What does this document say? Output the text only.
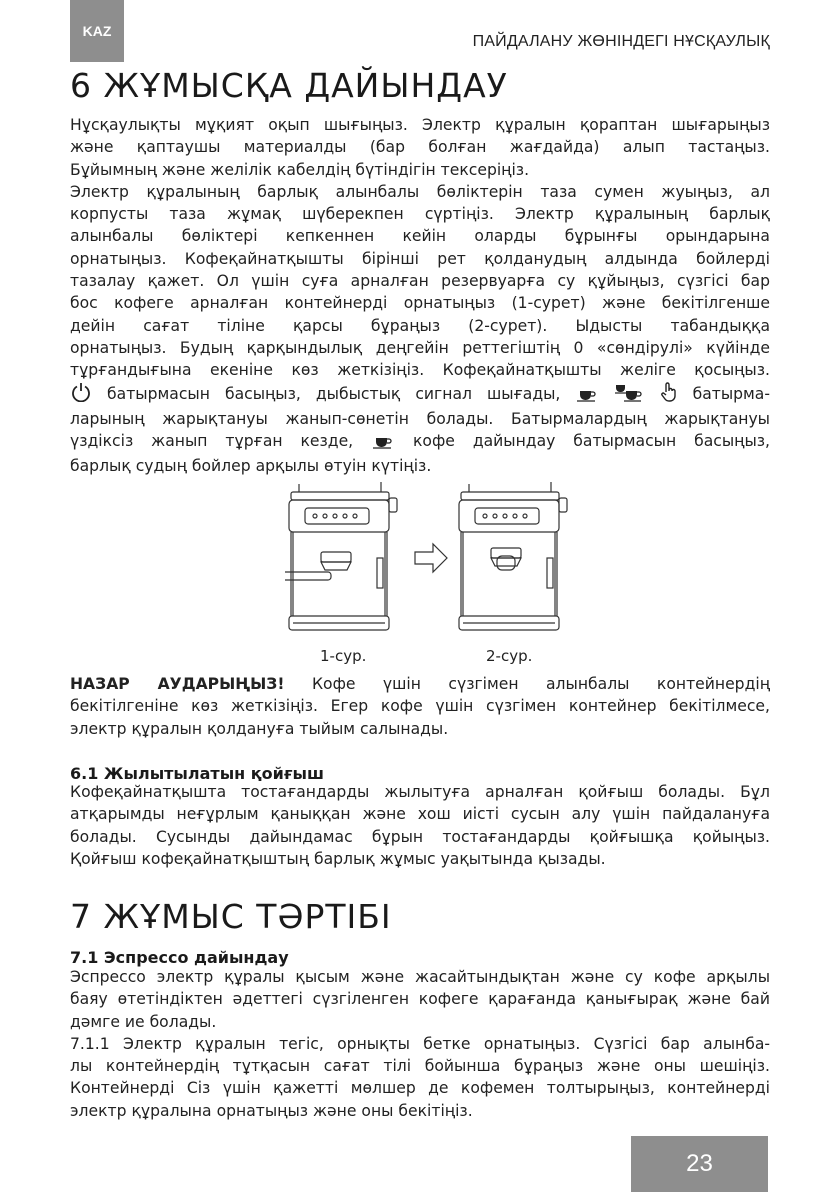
KAZ
ПАЙДАЛАНУ ЖӨНІНДЕГІ НҰСҚАУЛЫҚ
6 ЖҰМЫСҚА ДАЙЫНДАУ
Нұсқаулықты мұқият оқып шығыңыз. Электр құралын қораптан шығарыңыз
және қаптаушы материалды (бар болған жағдайда) алып тастаңыз.
Бұйымның және желілік кабелдің бүтіндігін тексеріңіз.
Электр құралының барлық алынбалы бөліктерін таза сумен жуыңыз, ал
корпусты таза жұмақ шүберекпен сүртіңіз. Электр құралының барлық
алынбалы бөліктері кепкеннен кейін оларды бұрынғы орындарына
орнатыңыз. Кофеқайнатқышты бірінші рет қолданудың алдында бойлерді
тазалау қажет. Ол үшін суға арналған резервуарға су құйыңыз, сүзгісі бар
бос кофеге арналған контейнерді орнатыңыз (1-сурет) және бекітілгенше
дейін сағат тіліне қарсы бұраңыз (2-сурет). Ыдысты табандыққа
орнатыңыз. Будың қарқындылық деңгейін реттегіштің 0 «сөндірулі» күйінде
тұрғандығына екеніне көз жеткізіңіз. Кофеқайнатқышты желіге қосыңыз.
батырмасын басыңыз, дыбыстық сигнал шығады,	батырма-
ларының жарықтануы жанып-сөнетін болады. Батырмалардың жарықтануы
үздіксіз жанып тұрған кезде,	кофе дайындау батырмасын басыңыз,
барлық судың бойлер арқылы өтуін күтіңіз.
1-сур.	2-сур.
НАЗАР АУДАРЫҢЫЗ! Кофе үшін сүзгімен алынбалы контейнердің
бекітілгеніне көз жеткізіңіз. Егер кофе үшін сүзгімен контейнер бекітілмесе,
электр құралын қолдануға тыйым салынады.
6.1 Жылытылатын қойғыш
Кофеқайнатқышта тостағандарды жылытуға арналған қойғыш болады. Бұл
атқарымды неғұрлым қаныққан және хош иісті сусын алу үшін пайдалануға
болады. Сусынды дайындамас бұрын тостағандарды қойғышқа қойыңыз.
Қойғыш кофеқайнатқыштың барлық жұмыс уақытында қызады.
7 ЖҰМЫС ТӘРТІБІ
7.1 Эспрессо дайындау
Эспрессо электр құралы қысым және жасайтындықтан және су кофе арқылы
баяу өтетіндіктен әдеттегі сүзгіленген кофеге қарағанда қанығырақ және бай
дәмге ие болады.
7.1.1 Электр құралын тегіс, орнықты бетке орнатыңыз. Сүзгісі бар алынба-
лы контейнердің тұтқасын сағат тілі бойынша бұраңыз және оны шешіңіз.
Контейнерді Сіз үшін қажетті мөлшер де кофемен толтырыңыз, контейнерді
электр құралына орнатыңыз және оны бекітіңіз.
23
